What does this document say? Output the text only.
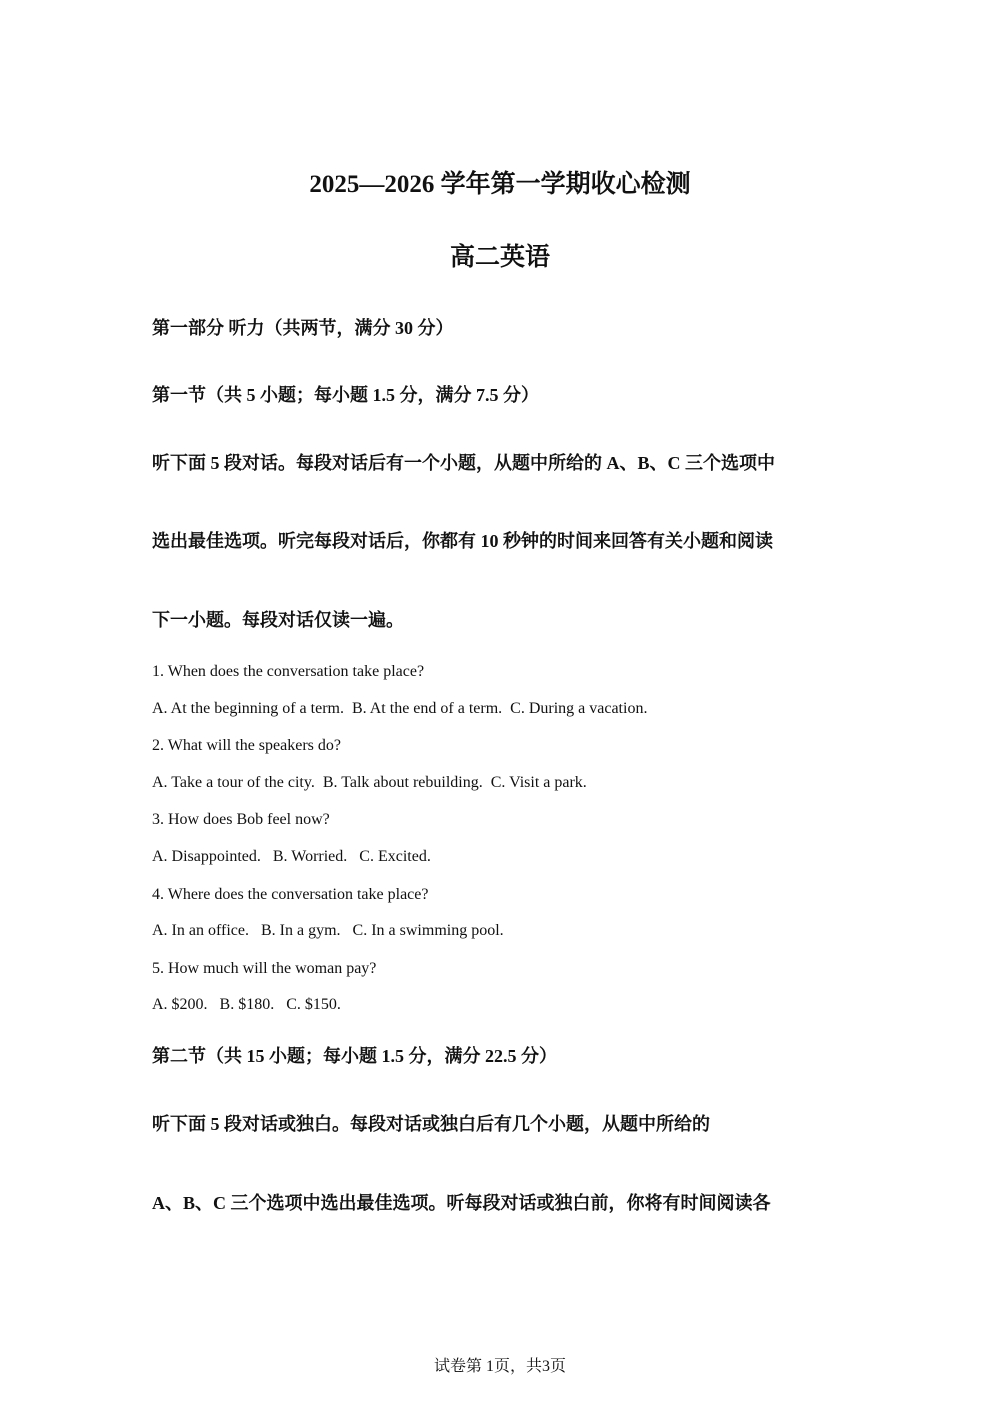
2025—2026 学年第一学期收心检测
高二英语
第一部分 听力（共两节，满分 30 分）
第一节（共 5 小题；每小题 1.5 分，满分 7.5 分）
听下面 5 段对话。每段对话后有一个小题，从题中所给的 A、B、C 三个选项中
选出最佳选项。听完每段对话后，你都有 10 秒钟的时间来回答有关小题和阅读
下一小题。每段对话仅读一遍。
1. When does the conversation take place?
A. At the beginning of a term.  B. At the end of a term.  C. During a vacation.
2. What will the speakers do?
A. Take a tour of the city.  B. Talk about rebuilding.  C. Visit a park.
3. How does Bob feel now?
A. Disappointed.   B. Worried.   C. Excited.
4. Where does the conversation take place?
A. In an office.   B. In a gym.   C. In a swimming pool.
5. How much will the woman pay?
A. $200.   B. $180.   C. $150.
第二节（共 15 小题；每小题 1.5 分，满分 22.5 分）
听下面 5 段对话或独白。每段对话或独白后有几个小题，从题中所给的
A、B、C 三个选项中选出最佳选项。听每段对话或独白前，你将有时间阅读各
试卷第 1页，共3页
